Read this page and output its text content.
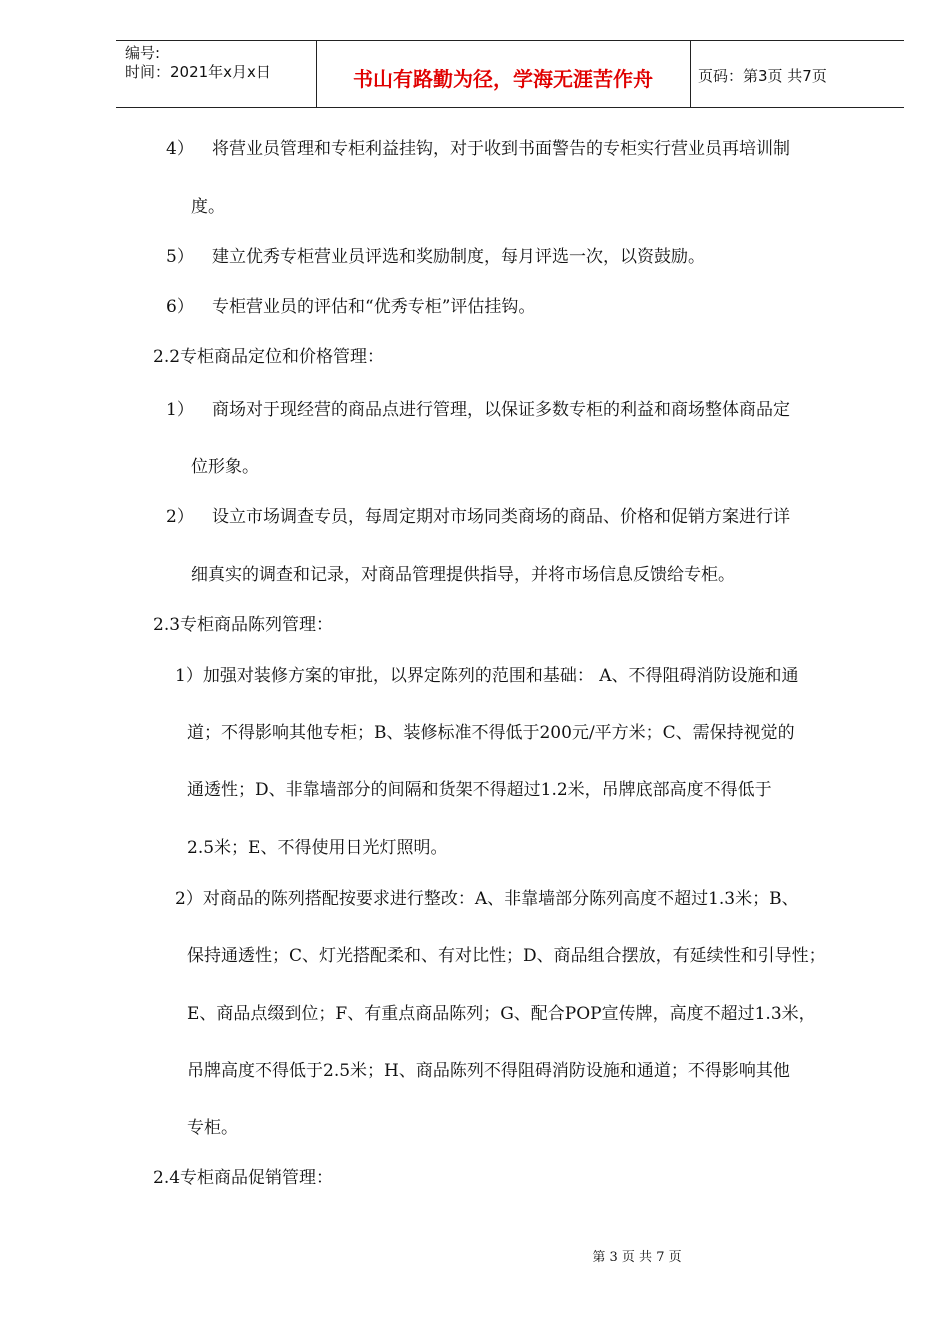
编号:
时间：2021年x月x日	书山有路勤为径，学海无涯苦作舟	页码：第3页 共7页
4） 将营业员管理和专柜利益挂钩，对于收到书面警告的专柜实行营业员再培训制
度。
5） 建立优秀专柜营业员评选和奖励制度，每月评选一次，以资鼓励。
6） 专柜营业员的评估和“优秀专柜”评估挂钩。
2.2专柜商品定位和价格管理：
1） 商场对于现经营的商品点进行管理，以保证多数专柜的利益和商场整体商品定
位形象。
2） 设立市场调查专员，每周定期对市场同类商场的商品、价格和促销方案进行详
细真实的调查和记录，对商品管理提供指导，并将市场信息反馈给专柜。
2.3专柜商品陈列管理：
1）加强对装修方案的审批，以界定陈列的范围和基础： A、不得阻碍消防设施和通
道；不得影响其他专柜；B、装修标准不得低于200元/平方米；C、需保持视觉的
通透性；D、非靠墙部分的间隔和货架不得超过1.2米，吊牌底部高度不得低于
2.5米；E、不得使用日光灯照明。
2）对商品的陈列搭配按要求进行整改：A、非靠墙部分陈列高度不超过1.3米；B、
保持通透性；C、灯光搭配柔和、有对比性；D、商品组合摆放，有延续性和引导性；
E、商品点缀到位；F、有重点商品陈列；G、配合POP宣传牌，高度不超过1.3米，
吊牌高度不得低于2.5米；H、商品陈列不得阻碍消防设施和通道；不得影响其他
专柜。
2.4专柜商品促销管理：
第 3 页 共 7 页
